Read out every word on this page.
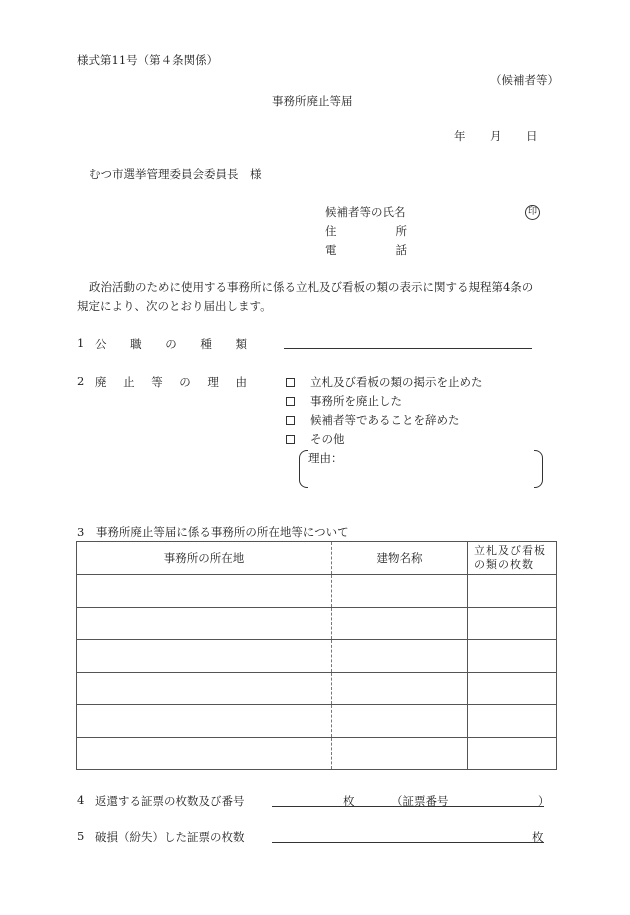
様式第11号（第４条関係）
（候補者等）
事務所廃止等届
年 月 日
むつ市選挙管理委員会委員長　様
候補者等の氏名	印
住	所
電	話
政治活動のために使用する事務所に係る立札及び看板の類の表示に関する規程第4条の
規定により、次のとおり届出します。
1 公 職 の 種 類
2 廃 止 等 の 理 由	立札及び看板の類の掲示を止めた
事務所を廃止した
候補者等であることを辞めた
その他
理由：
3　事務所廃止等届に係る事務所の所在地等について
事務所の所在地	建物名称	立札及び看板
の類の枚数

4 返還する証票の枚数及び番号	枚	（証票番号	）
5 破損（紛失）した証票の枚数	枚
